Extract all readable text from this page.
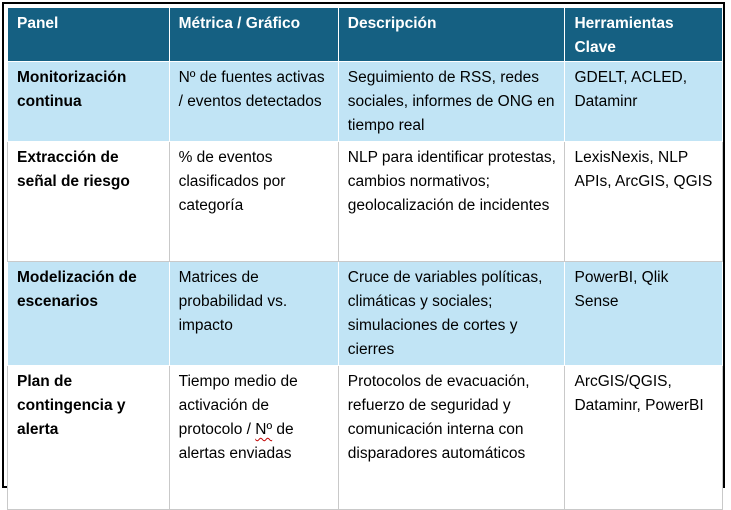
Panel	Métrica / Gráfico	Descripción	Herramientas Clave
Monitorización continua	Nº de fuentes activas / eventos detectados	Seguimiento de RSS, redes sociales, informes de ONG en tiempo real	GDELT, ACLED, Dataminr
Extracción de señal de riesgo	% de eventos clasificados por categoría	NLP para identificar protestas, cambios normativos; geolocalización de incidentes	LexisNexis, NLP APIs, ArcGIS, QGIS
Modelización de escenarios	Matrices de probabilidad vs. impacto	Cruce de variables políticas, climáticas y sociales; simulaciones de cortes y cierres	PowerBI, Qlik Sense
Plan de contingencia y alerta	Tiempo medio de activación de protocolo / Nº de alertas enviadas	Protocolos de evacuación, refuerzo de seguridad y comunicación interna con disparadores automáticos	ArcGIS/QGIS, Dataminr, PowerBI
